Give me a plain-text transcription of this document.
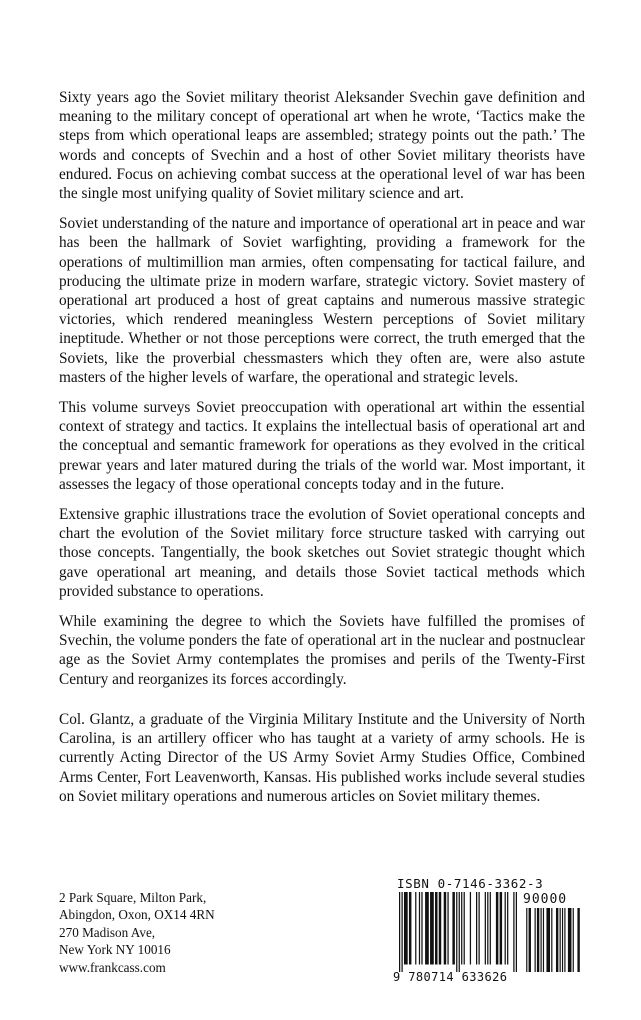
Sixty years ago the Soviet military theorist Aleksander Svechin gave definition and meaning to the military concept of operational art when he wrote, ‘Tactics make the steps from which operational leaps are assembled; strategy points out the path.’ The words and concepts of Svechin and a host of other Soviet military theorists have endured. Focus on achieving combat success at the operational level of war has been the single most unifying quality of Soviet military science and art.

Soviet understanding of the nature and importance of operational art in peace and war has been the hallmark of Soviet warfighting, providing a framework for the operations of multimillion man armies, often compensating for tactical failure, and producing the ultimate prize in modern warfare, strategic victory. Soviet mastery of operational art produced a host of great captains and numerous massive strategic victories, which rendered meaningless Western perceptions of Soviet military ineptitude. Whether or not those perceptions were correct, the truth emerged that the Soviets, like the proverbial chessmasters which they often are, were also astute masters of the higher levels of warfare, the operational and strategic levels.

This volume surveys Soviet preoccupation with operational art within the essential context of strategy and tactics. It explains the intellectual basis of operational art and the conceptual and semantic framework for operations as they evolved in the critical prewar years and later matured during the trials of the world war. Most important, it assesses the legacy of those operational concepts today and in the future.

Extensive graphic illustrations trace the evolution of Soviet operational concepts and chart the evolution of the Soviet military force structure tasked with carrying out those concepts. Tangentially, the book sketches out Soviet strategic thought which gave operational art meaning, and details those Soviet tactical methods which provided substance to operations.

While examining the degree to which the Soviets have fulfilled the promises of Svechin, the volume ponders the fate of operational art in the nuclear and postnuclear age as the Soviet Army contemplates the promises and perils of the Twenty-First Century and reorganizes its forces accordingly.

Col. Glantz, a graduate of the Virginia Military Institute and the University of North Carolina, is an artillery officer who has taught at a variety of army schools. He is currently Acting Director of the US Army Soviet Army Studies Office, Combined Arms Center, Fort Leavenworth, Kansas. His published works include several studies on Soviet military operations and numerous articles on Soviet military themes.

2 Park Square, Milton Park,
Abingdon, Oxon, OX14 4RN
270 Madison Ave,
New York NY 10016
www.frankcass.com
ISBN 0-7146-3362-3
90000
9 780714 633626
